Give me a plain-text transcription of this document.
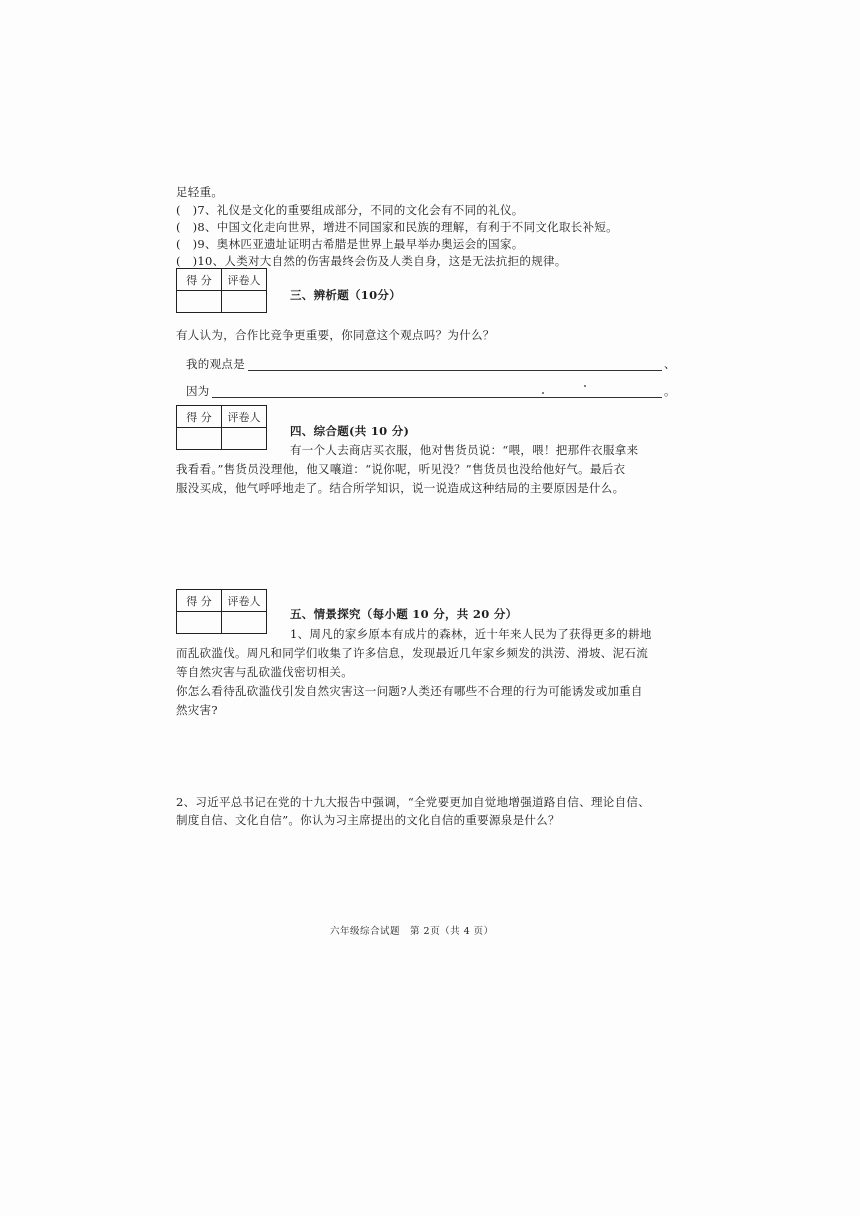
足轻重。
(　)7、礼仪是文化的重要组成部分，不同的文化会有不同的礼仪。
(　)8、中国文化走向世界，增进不同国家和民族的理解，有利于不同文化取长补短。
(　)9、奥林匹亚遗址证明古希腊是世界上最早举办奥运会的国家。
(　)10、人类对大自然的伤害最终会伤及人类自身，这是无法抗拒的规律。
得 分	评卷人

三、辨析题（10分）
有人认为，合作比竞争更重要，你同意这个观点吗？为什么？
我的观点是	、
因为	。
得 分	评卷人

四、综合题(共 10 分)
有一个人去商店买衣服，他对售货员说：“喂，喂！把那件衣服拿来
我看看。”售货员没理他，他又嚷道：“说你呢，听见没？”售货员也没给他好气。最后衣
服没买成，他气呼呼地走了。结合所学知识，说一说造成这种结局的主要原因是什么。
得 分	评卷人

五、情景探究（每小题 10 分，共 20 分）
1、周凡的家乡原本有成片的森林，近十年来人民为了获得更多的耕地
而乱砍滥伐。周凡和同学们收集了许多信息，发现最近几年家乡频发的洪涝、滑坡、泥石流
等自然灾害与乱砍滥伐密切相关。
你怎么看待乱砍滥伐引发自然灾害这一问题?人类还有哪些不合理的行为可能诱发或加重自
然灾害?
2、习近平总书记在党的十九大报告中强调，“全党要更加自觉地增强道路自信、理论自信、
制度自信、文化自信”。你认为习主席提出的文化自信的重要源泉是什么？
六年级综合试题　第 2页（共 4 页）
